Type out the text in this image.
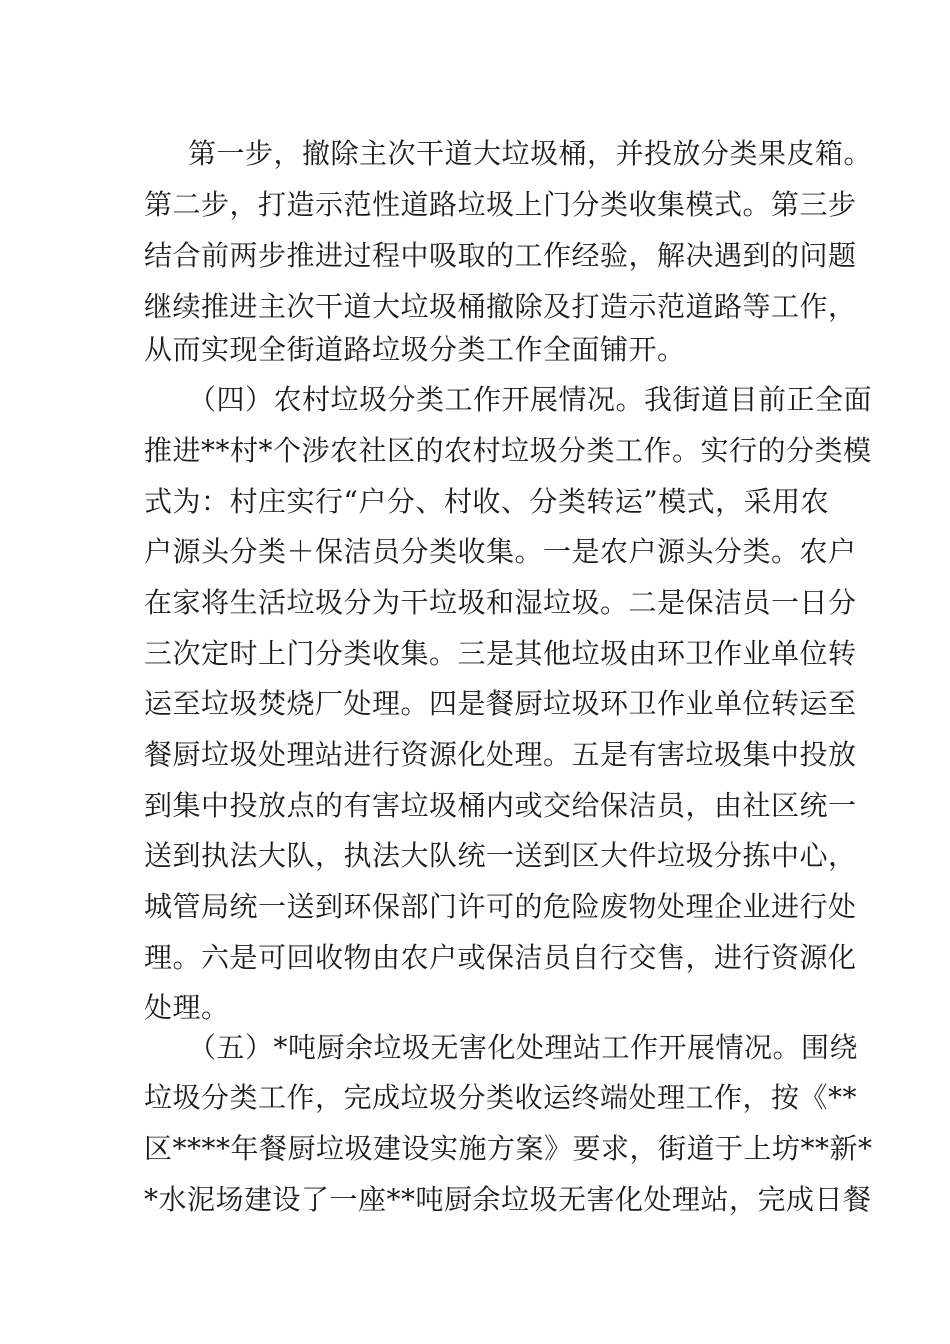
第一步，撤除主次干道大垃圾桶，并投放分类果皮箱。
第二步，打造示范性道路垃圾上门分类收集模式。第三步
结合前两步推进过程中吸取的工作经验，解决遇到的问题
继续推进主次干道大垃圾桶撤除及打造示范道路等工作，
从而实现全街道路垃圾分类工作全面铺开。
（四）农村垃圾分类工作开展情况。我街道目前正全面
推进**村*个涉农社区的农村垃圾分类工作。实行的分类模
式为：村庄实行“户分、村收、分类转运”模式，采用农
户源头分类＋保洁员分类收集。一是农户源头分类。农户
在家将生活垃圾分为干垃圾和湿垃圾。二是保洁员一日分
三次定时上门分类收集。三是其他垃圾由环卫作业单位转
运至垃圾焚烧厂处理。四是餐厨垃圾环卫作业单位转运至
餐厨垃圾处理站进行资源化处理。五是有害垃圾集中投放
到集中投放点的有害垃圾桶内或交给保洁员，由社区统一
送到执法大队，执法大队统一送到区大件垃圾分拣中心，
城管局统一送到环保部门许可的危险废物处理企业进行处
理。六是可回收物由农户或保洁员自行交售，进行资源化
处理。
（五）*吨厨余垃圾无害化处理站工作开展情况。围绕
垃圾分类工作，完成垃圾分类收运终端处理工作，按《**
区****年餐厨垃圾建设实施方案》要求，街道于上坊**新*
*水泥场建设了一座**吨厨余垃圾无害化处理站，完成日餐
